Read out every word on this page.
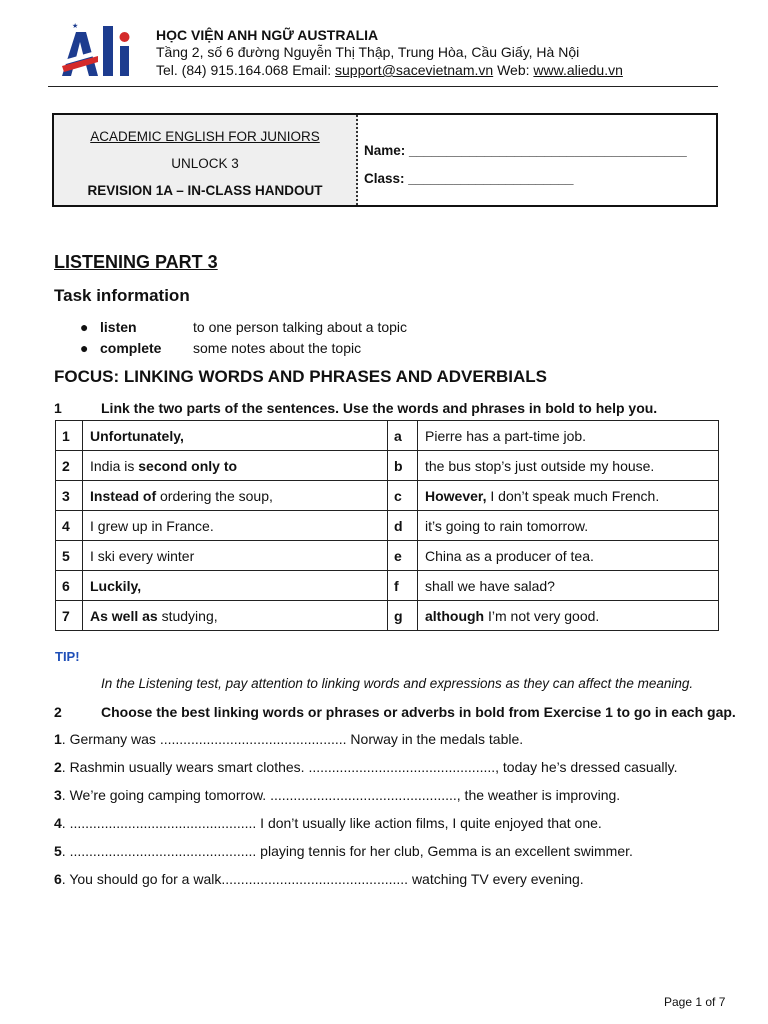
★
HỌC VIỆN ANH NGỮ AUSTRALIA
Tầng 2, số 6 đường Nguyễn Thị Thập, Trung Hòa, Cầu Giấy, Hà Nội
Tel. (84) 915.164.068 Email: support@sacevietnam.vn Web: www.aliedu.vn
ACADEMIC ENGLISH FOR JUNIORS
UNLOCK 3
REVISION 1A – IN-CLASS HANDOUT
Name: _____________________________________
Class: ______________________
LISTENING PART 3
Task information
● listen	to one person talking about a topic
● complete some notes about the topic
FOCUS: LINKING WORDS AND PHRASES AND ADVERBIALS
1	Link the two parts of the sentences. Use the words and phrases in bold to help you.
1	Unfortunately,	a	Pierre has a part-time job.
2	India is second only to	b	the bus stop’s just outside my house.
3	Instead of ordering the soup,	c	However, I don’t speak much French.
4	I grew up in France.	d	it’s going to rain tomorrow.
5	I ski every winter	e	China as a producer of tea.
6	Luckily,	f	shall we have salad?
7	As well as studying,	g	although I’m not very good.
TIP!
In the Listening test, pay attention to linking words and expressions as they can affect the meaning.
2	Choose the best linking words or phrases or adverbs in bold from Exercise 1 to go in each gap.
1. Germany was ................................................ Norway in the medals table.
2. Rashmin usually wears smart clothes. ................................................, today he’s dressed casually.
3. We’re going camping tomorrow. ................................................, the weather is improving.
4. ................................................ I don’t usually like action films, I quite enjoyed that one.
5. ................................................ playing tennis for her club, Gemma is an excellent swimmer.
6. You should go for a walk................................................ watching TV every evening.
Page 1 of 7
